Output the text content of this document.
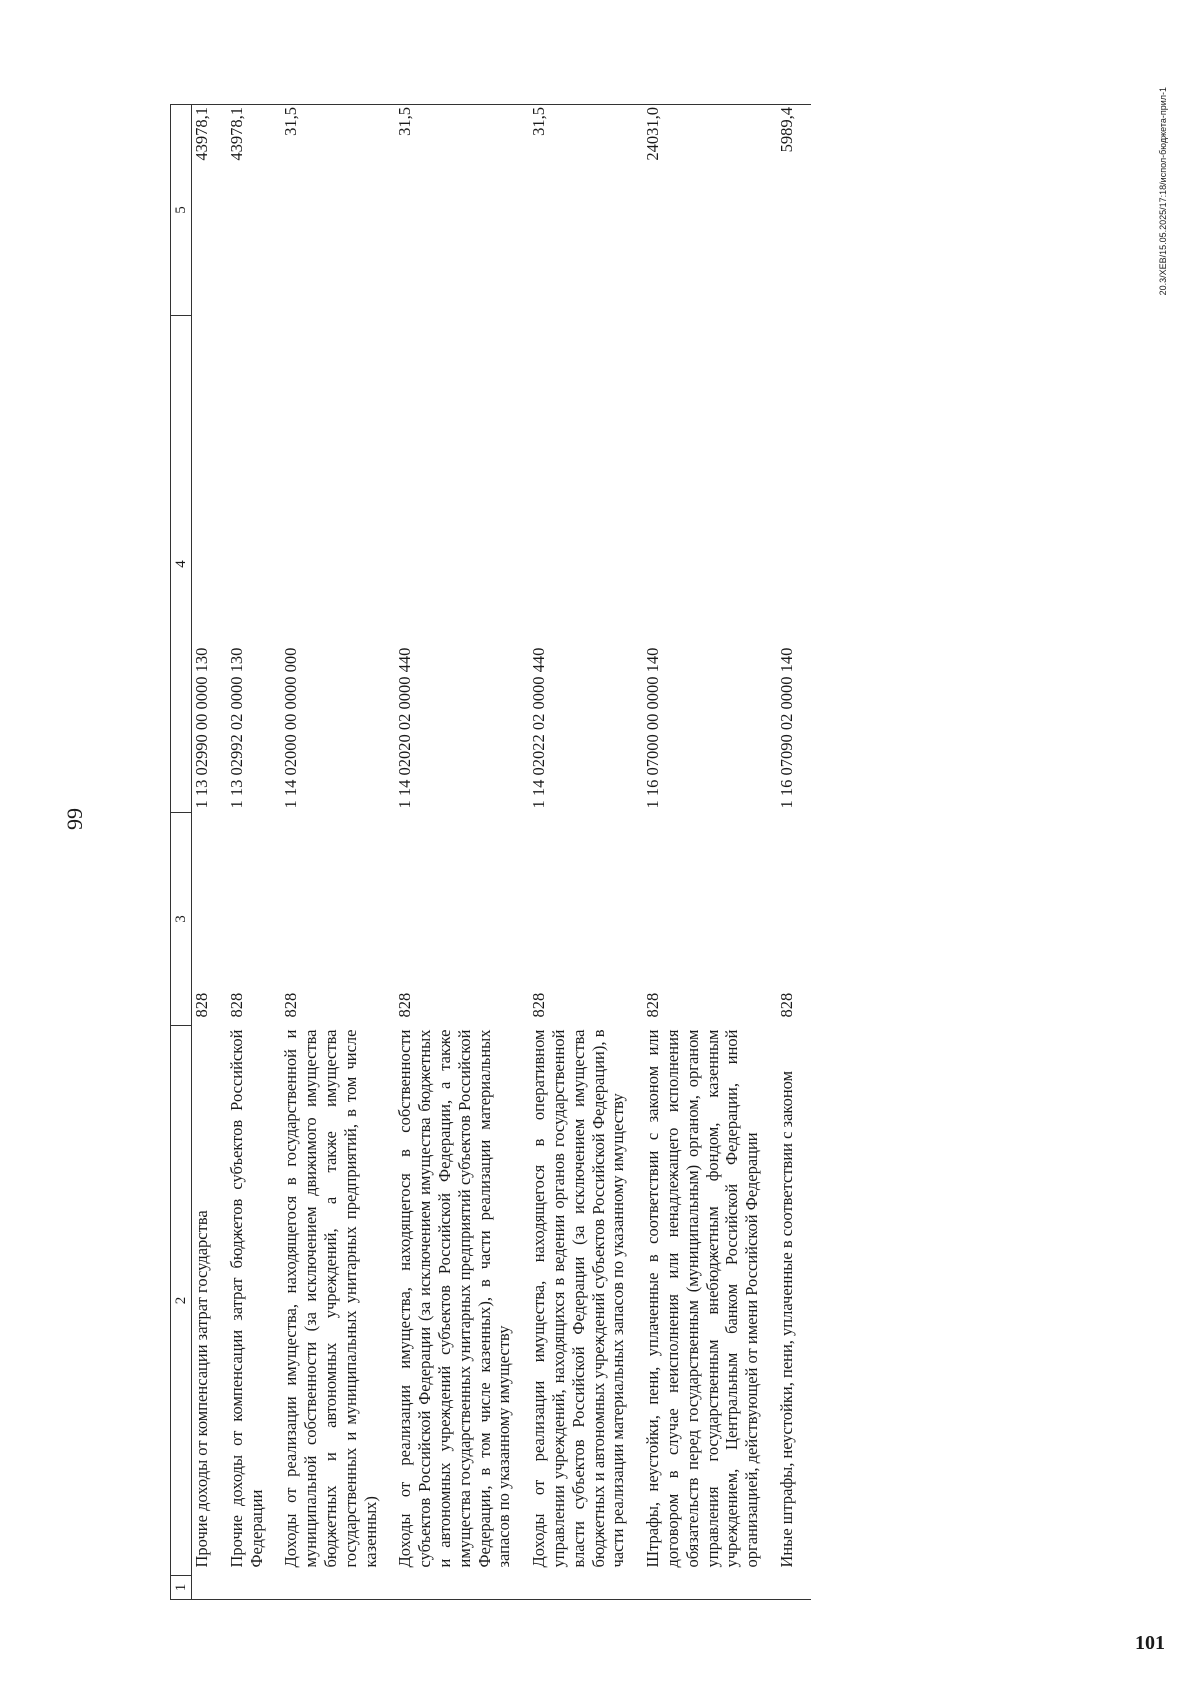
99
1	2	3	4	5
	Прочие доходы от компенсации затрат государства	828	1 13 02990 00 0000 130	43978,1
	Прочие доходы от компенсации затрат бюджетов субъектов Российской Федерации	828	1 13 02992 02 0000 130	43978,1
	Доходы от реализации имущества, находящегося в государственной и муниципальной собственности (за исключением движимого имущества бюджетных и автономных учреждений, а также имущества государственных и муниципальных унитарных предприятий, в том числе казенных)	828	1 14 02000 00 0000 000	31,5
	Доходы от реализации имущества, находящегося в собственности субъектов Российской Федерации (за исключением имущества бюджетных и автономных учреждений субъектов Российской Федерации, а также имущества государственных унитарных предприятий субъектов Российской Федерации, в том числе казенных), в части реализации материальных запасов по указанному имуществу	828	1 14 02020 02 0000 440	31,5
	Доходы от реализации имущества, находящегося в оперативном управлении учреждений, находящихся в ведении органов государственной власти субъектов Российской Федерации (за исключением имущества бюджетных и автономных учреждений субъектов Российской Федерации), в части реализации материальных запасов по указанному имуществу	828	1 14 02022 02 0000 440	31,5
	Штрафы, неустойки, пени, уплаченные в соответствии с законом или договором в случае неисполнения или ненадлежащего исполнения обязательств перед государственным (муниципальным) органом, органом управления государственным внебюджетным фондом, казенным учреждением, Центральным банком Российской Федерации, иной организацией, действующей от имени Российской Федерации	828	1 16 07000 00 0000 140	24031,0
	Иные штрафы, неустойки, пени, уплаченные в соответствии с законом	828	1 16 07090 02 0000 140	5989,4	20.3/ХЕВ/15.05.2025/17:18/испол-бюджета-прил-1
101
